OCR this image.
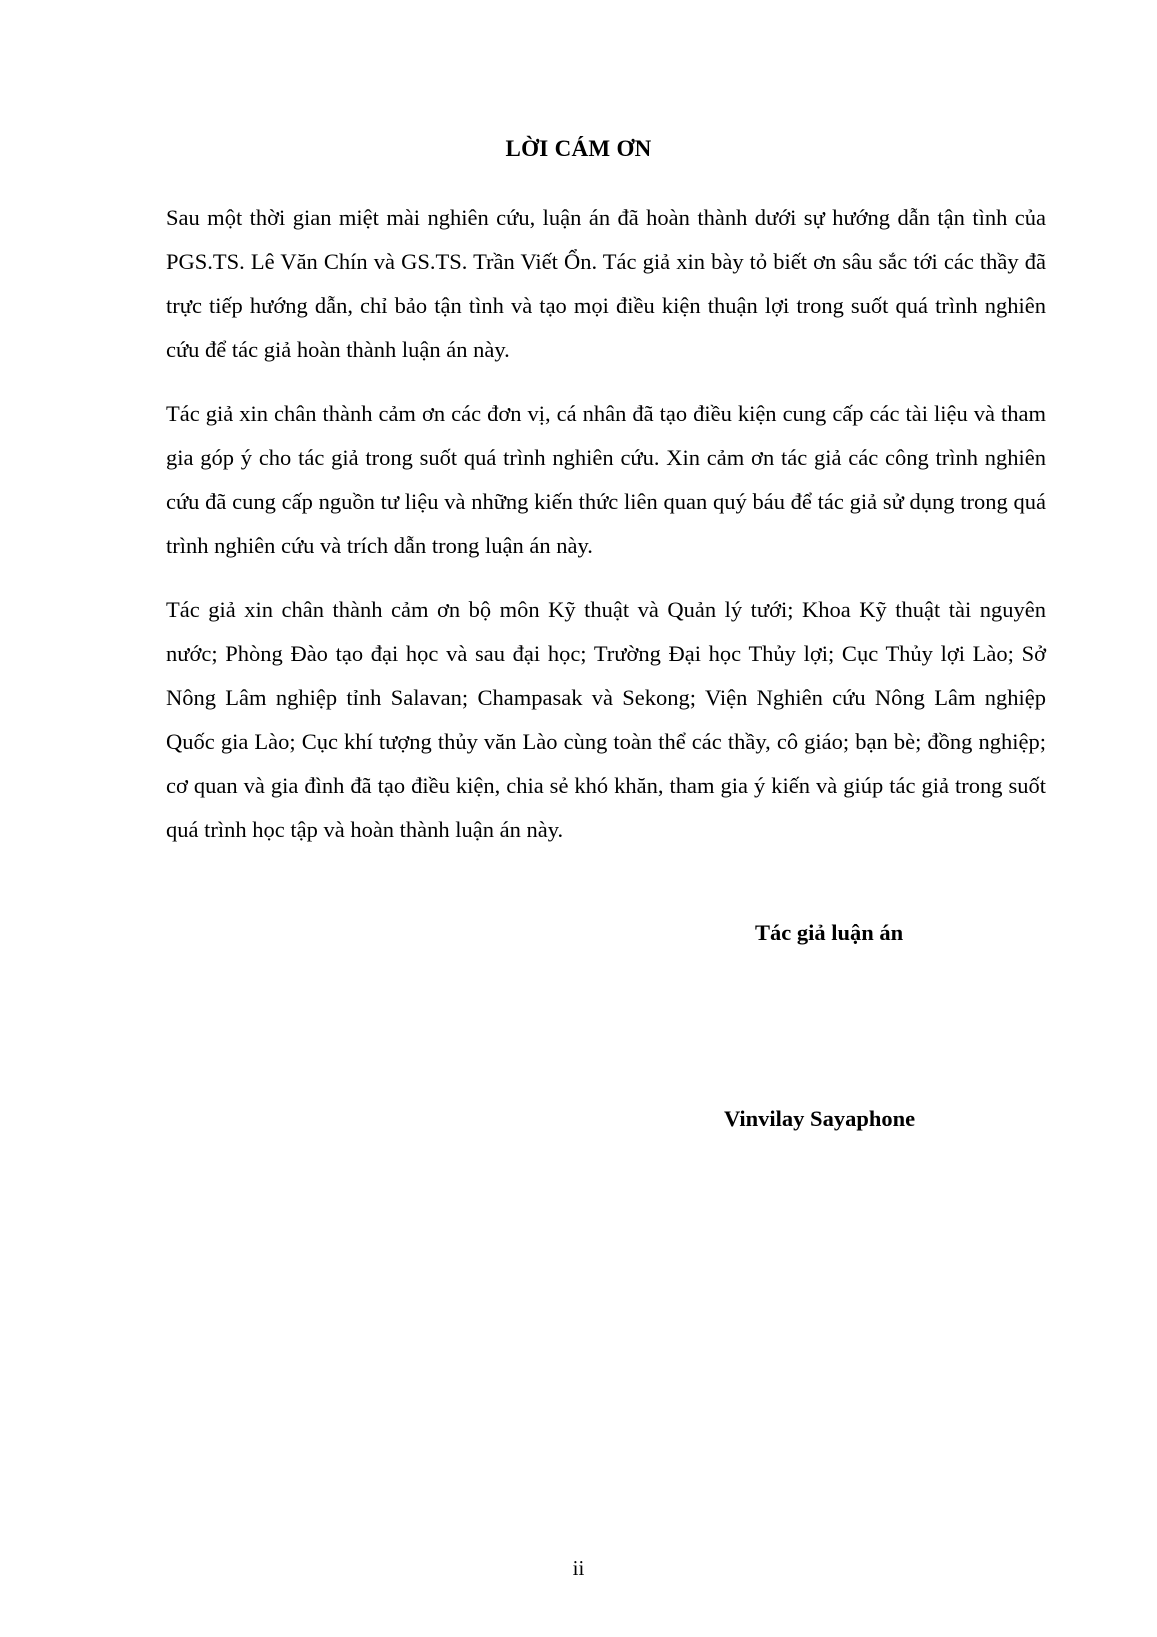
LỜI CÁM ƠN

Sau một thời gian miệt mài nghiên cứu, luận án đã hoàn thành dưới sự hướng dẫn tận tình của PGS.TS. Lê Văn Chín và GS.TS. Trần Viết Ổn. Tác giả xin bày tỏ biết ơn sâu sắc tới các thầy đã trực tiếp hướng dẫn, chỉ bảo tận tình và tạo mọi điều kiện thuận lợi trong suốt quá trình nghiên cứu để tác giả hoàn thành luận án này.

Tác giả xin chân thành cảm ơn các đơn vị, cá nhân đã tạo điều kiện cung cấp các tài liệu và tham gia góp ý cho tác giả trong suốt quá trình nghiên cứu. Xin cảm ơn tác giả các công trình nghiên cứu đã cung cấp nguồn tư liệu và những kiến thức liên quan quý báu để tác giả sử dụng trong quá trình nghiên cứu và trích dẫn trong luận án này.

Tác giả xin chân thành cảm ơn bộ môn Kỹ thuật và Quản lý tưới; Khoa Kỹ thuật tài nguyên nước; Phòng Đào tạo đại học và sau đại học; Trường Đại học Thủy lợi; Cục Thủy lợi Lào; Sở Nông Lâm nghiệp tỉnh Salavan; Champasak và Sekong; Viện Nghiên cứu Nông Lâm nghiệp Quốc gia Lào; Cục khí tượng thủy văn Lào cùng toàn thể các thầy, cô giáo; bạn bè; đồng nghiệp; cơ quan và gia đình đã tạo điều kiện, chia sẻ khó khăn, tham gia ý kiến và giúp tác giả trong suốt quá trình học tập và hoàn thành luận án này.

Tác giả luận án

Vinvilay Sayaphone

ii
